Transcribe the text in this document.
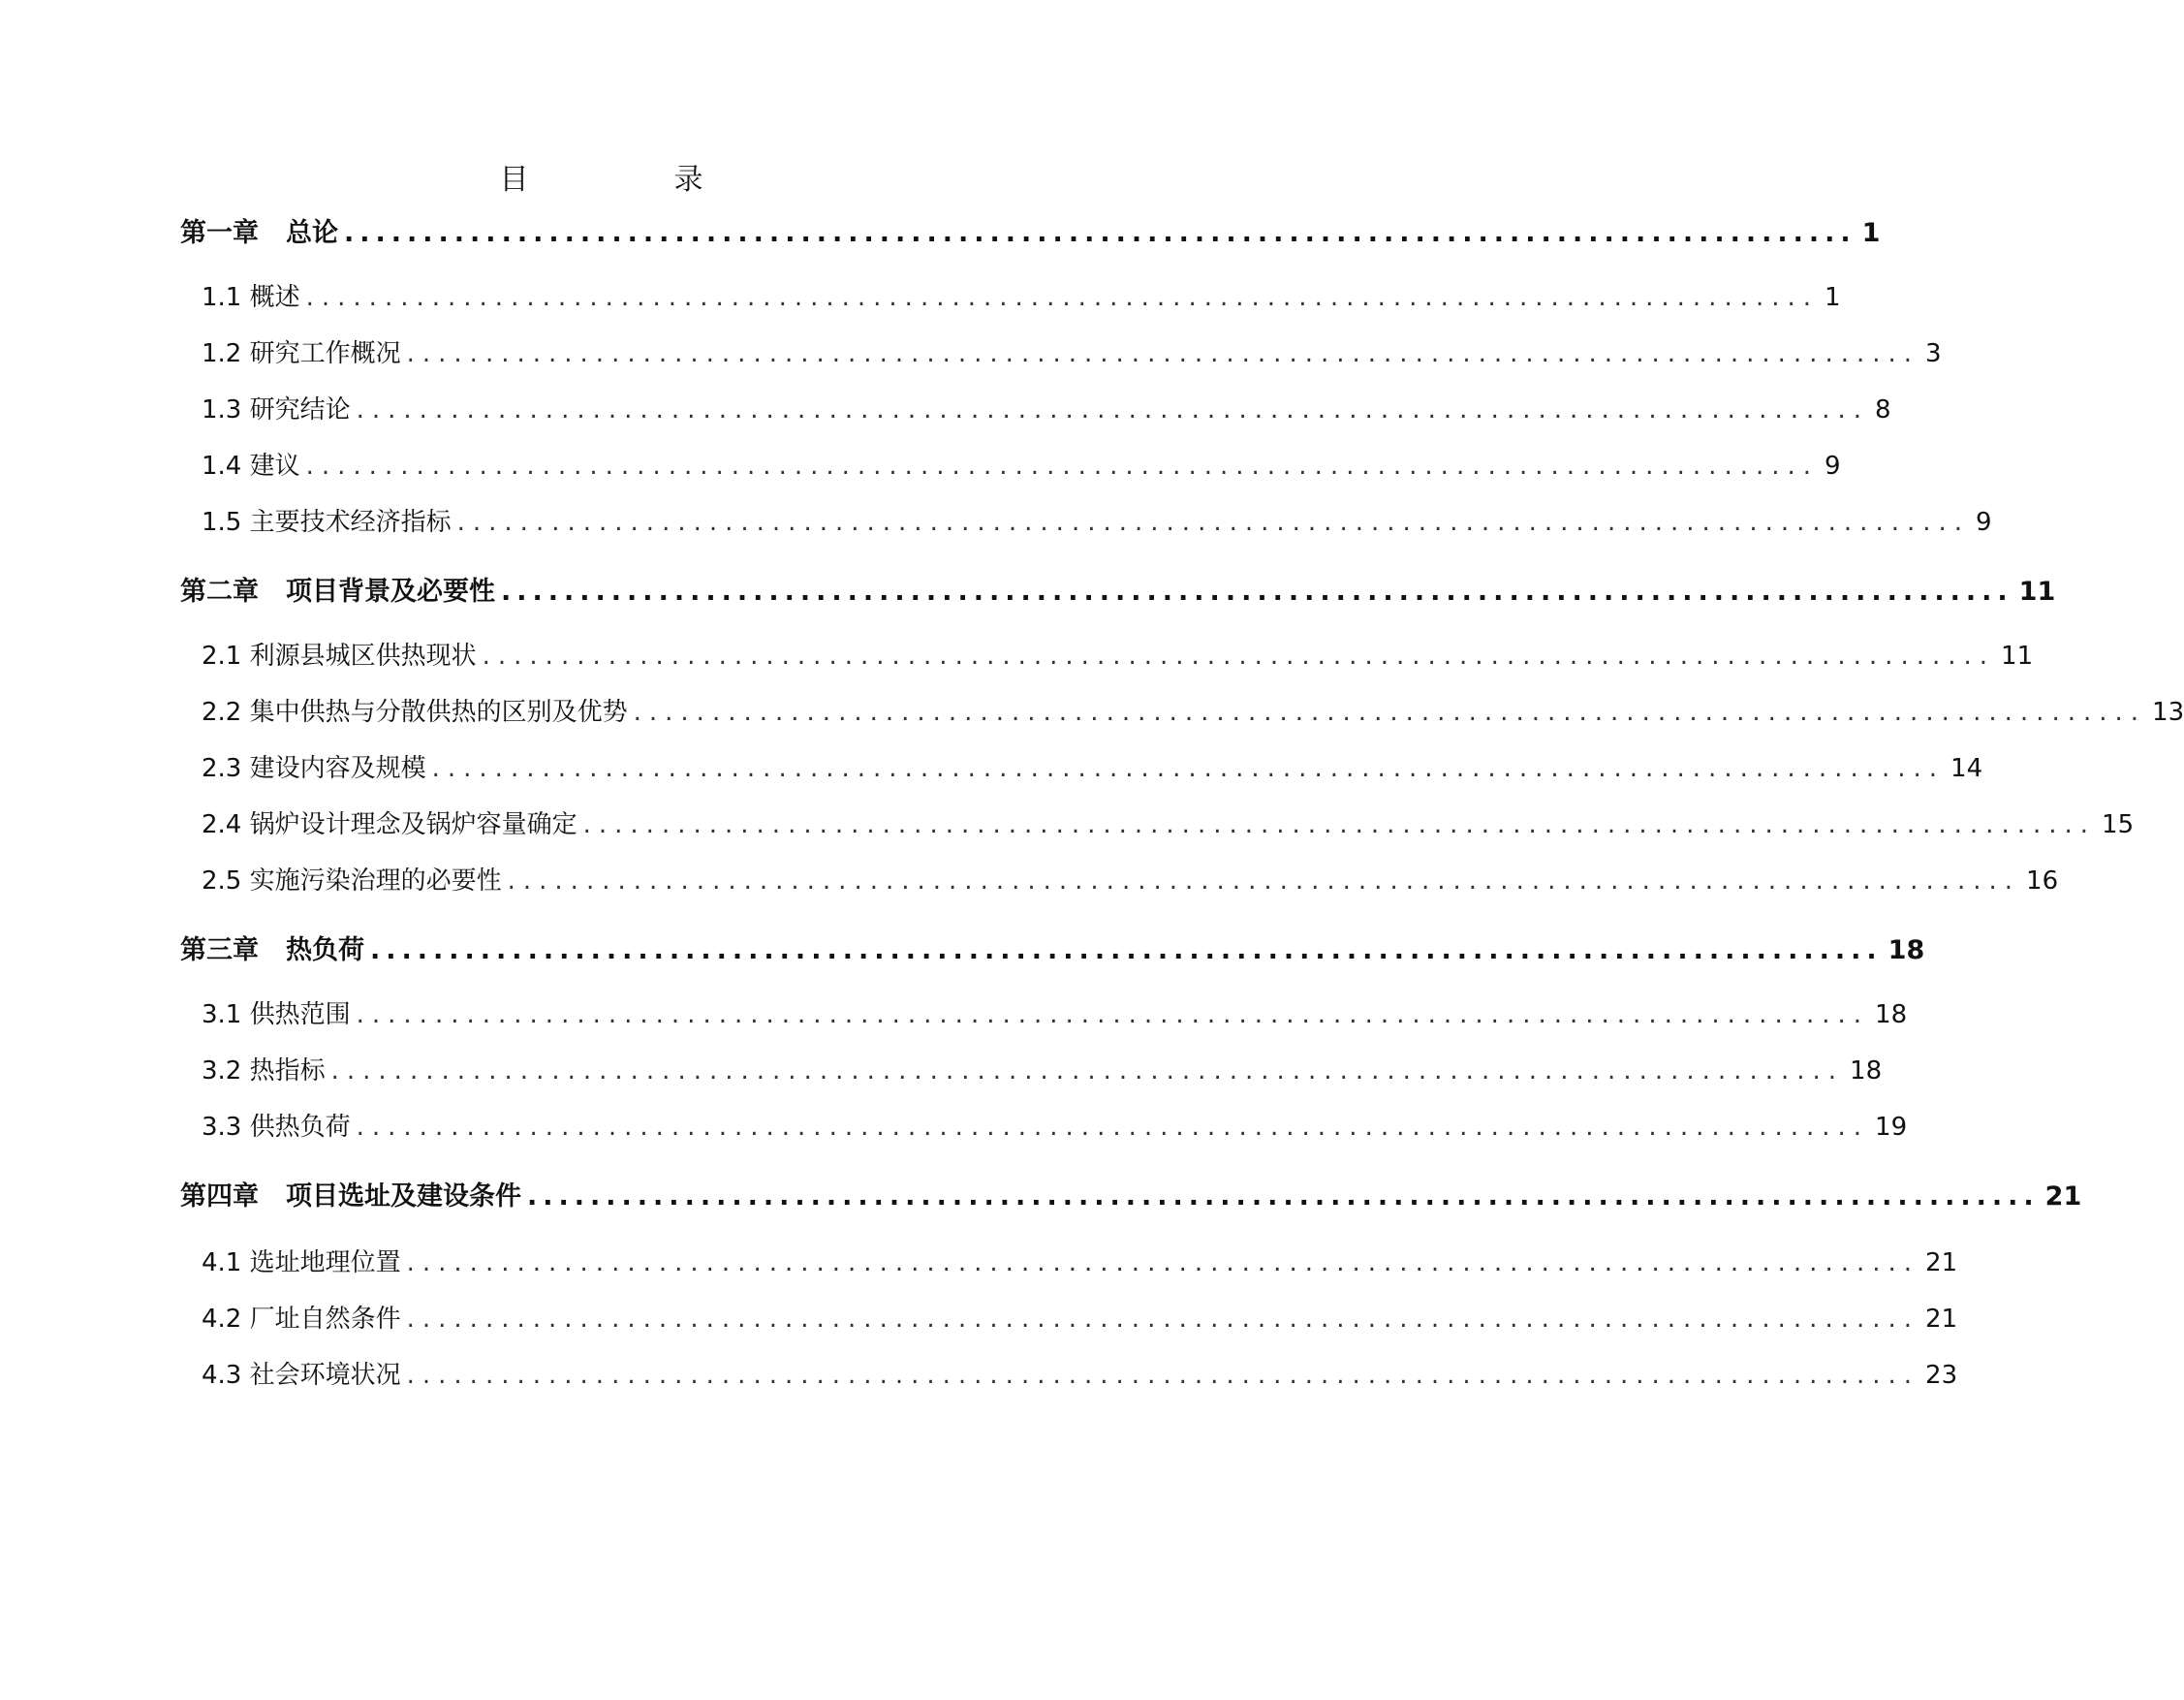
目　录
第一章 总论 ................................................................................................ 1
1.1 概述 ................................................................................................ 1
1.2 研究工作概况 ................................................................................................ 3
1.3 研究结论 ................................................................................................ 8
1.4 建议 ................................................................................................ 9
1.5 主要技术经济指标 ................................................................................................ 9
第二章 项目背景及必要性 ................................................................................................ 11
2.1 利源县城区供热现状 ................................................................................................ 11
2.2 集中供热与分散供热的区别及优势 ................................................................................................ 13
2.3 建设内容及规模 ................................................................................................ 14
2.4 锅炉设计理念及锅炉容量确定 ................................................................................................ 15
2.5 实施污染治理的必要性 ................................................................................................ 16
第三章 热负荷 ................................................................................................ 18
3.1 供热范围 ................................................................................................ 18
3.2 热指标 ................................................................................................ 18
3.3 供热负荷 ................................................................................................ 19
第四章 项目选址及建设条件 ................................................................................................ 21
4.1 选址地理位置 ................................................................................................ 21
4.2 厂址自然条件 ................................................................................................ 21
4.3 社会环境状况 ................................................................................................ 23
